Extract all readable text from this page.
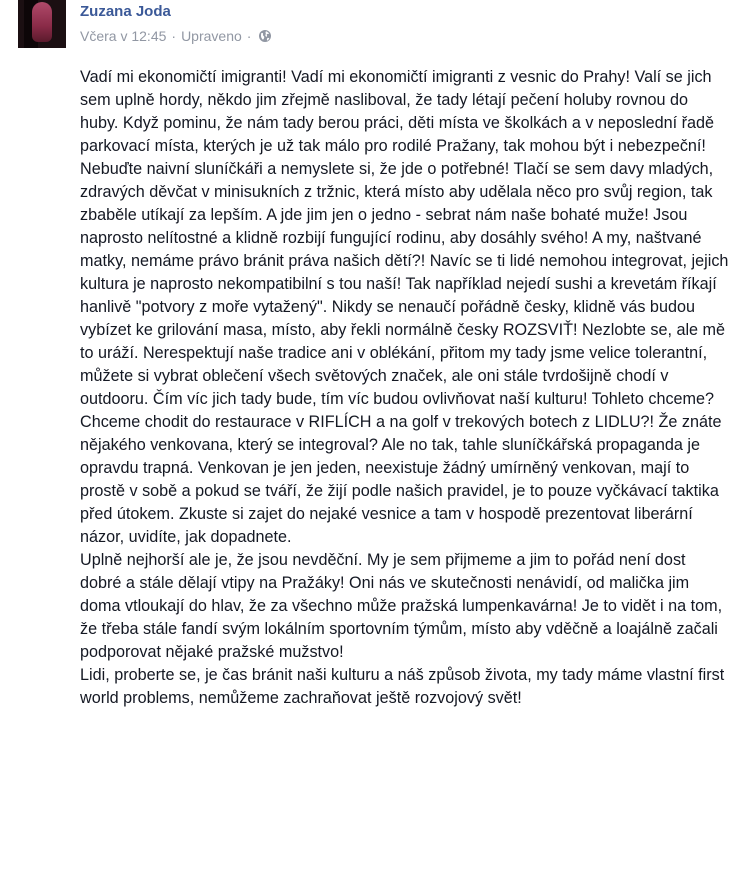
Zuzana Joda
Včera v 12:45 · Upraveno ·

Vadí mi ekonomičtí imigranti! Vadí mi ekonomičtí imigranti z vesnic do Prahy! Valí se jich sem uplně hordy, někdo jim zřejmě nasliboval, že tady létají pečení holuby rovnou do huby. Když pominu, že nám tady berou práci, děti místa ve školkách a v neposlední řadě parkovací místa, kterých je už tak málo pro rodilé Pražany, tak mohou být i nebezpeční! Nebuďte naivní sluníčkáři a nemyslete si, že jde o potřebné! Tlačí se sem davy mladých, zdravých děvčat v minisukních z tržnic, která místo aby udělala něco pro svůj region, tak zbaběle utíkají za lepším. A jde jim jen o jedno - sebrat nám naše bohaté muže! Jsou naprosto nelítostné a klidně rozbijí fungující rodinu, aby dosáhly svého! A my, naštvané matky, nemáme právo bránit práva našich dětí?! Navíc se ti lidé nemohou integrovat, jejich kultura je naprosto nekompatibilní s tou naší! Tak například nejedí sushi a krevetám říkají hanlivě "potvory z moře vytažený". Nikdy se nenaučí pořádně česky, klidně vás budou vybízet ke grilování masa, místo, aby řekli normálně česky ROZSVIŤ! Nezlobte se, ale mě to uráží. Nerespektují naše tradice ani v oblékání, přitom my tady jsme velice tolerantní, můžete si vybrat oblečení všech světových značek, ale oni stále tvrdošijně chodí v outdooru. Čím víc jich tady bude, tím víc budou ovlivňovat naší kulturu! Tohleto chceme? Chceme chodit do restaurace v RIFLÍCH a na golf v trekových botech z LIDLU?! Že znáte nějakého venkovana, který se integroval? Ale no tak, tahle sluníčkářská propaganda je opravdu trapná. Venkovan je jen jeden, neexistuje žádný umírněný venkovan, mají to prostě v sobě a pokud se tváří, že žijí podle našich pravidel, je to pouze vyčkávací taktika před útokem. Zkuste si zajet do nejaké vesnice a tam v hospodě prezentovat liberární názor, uvidíte, jak dopadnete.

Uplně nejhorší ale je, že jsou nevděční. My je sem přijmeme a jim to pořád není dost dobré a stále dělají vtipy na Pražáky! Oni nás ve skutečnosti nenávidí, od malička jim doma vtloukají do hlav, že za všechno může pražská lumpenkavárna! Je to vidět i na tom, že třeba stále fandí svým lokálním sportovním týmům, místo aby vděčně a loajálně začali podporovat nějaké pražské mužstvo!

Lidi, proberte se, je čas bránit naši kulturu a náš způsob života, my tady máme vlastní first world problems, nemůžeme zachraňovat ještě rozvojový svět!
